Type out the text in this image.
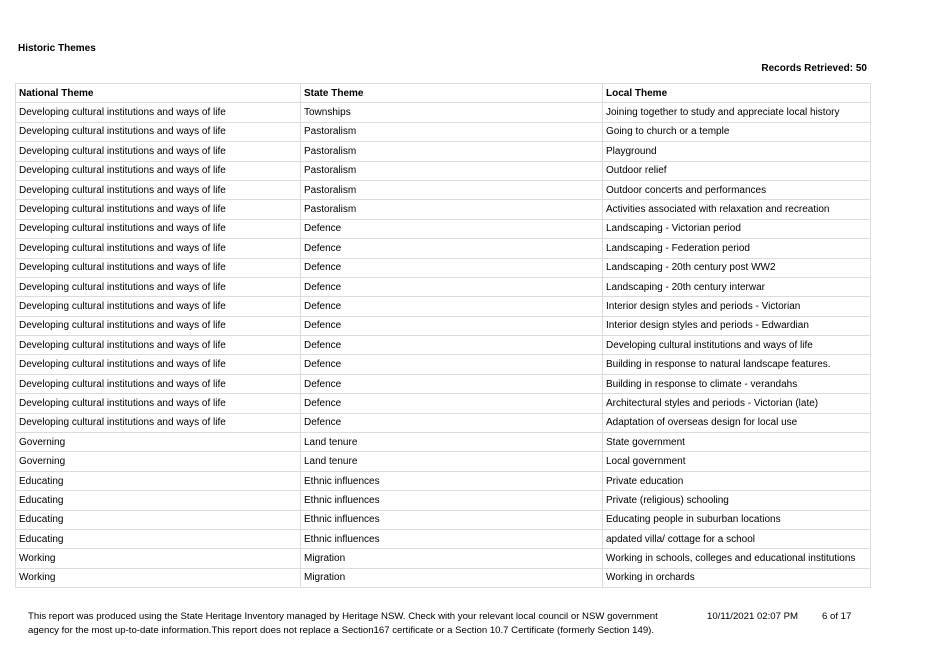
Historic Themes
Records Retrieved: 50
National Theme	State Theme	Local Theme
Developing cultural institutions and ways of life	Townships	Joining together to study and appreciate local history
Developing cultural institutions and ways of life	Pastoralism	Going to church or a temple
Developing cultural institutions and ways of life	Pastoralism	Playground
Developing cultural institutions and ways of life	Pastoralism	Outdoor relief
Developing cultural institutions and ways of life	Pastoralism	Outdoor concerts and performances
Developing cultural institutions and ways of life	Pastoralism	Activities associated with relaxation and recreation
Developing cultural institutions and ways of life	Defence	Landscaping - Victorian period
Developing cultural institutions and ways of life	Defence	Landscaping - Federation period
Developing cultural institutions and ways of life	Defence	Landscaping - 20th century post WW2
Developing cultural institutions and ways of life	Defence	Landscaping - 20th century interwar
Developing cultural institutions and ways of life	Defence	Interior design styles and periods - Victorian
Developing cultural institutions and ways of life	Defence	Interior design styles and periods - Edwardian
Developing cultural institutions and ways of life	Defence	Developing cultural institutions and ways of life
Developing cultural institutions and ways of life	Defence	Building in response to natural landscape features.
Developing cultural institutions and ways of life	Defence	Building in response to climate - verandahs
Developing cultural institutions and ways of life	Defence	Architectural styles and periods - Victorian (late)
Developing cultural institutions and ways of life	Defence	Adaptation of overseas design for local use
Governing	Land tenure	State government
Governing	Land tenure	Local government
Educating	Ethnic influences	Private education
Educating	Ethnic influences	Private (religious) schooling
Educating	Ethnic influences	Educating people in suburban locations
Educating	Ethnic influences	apdated villa/ cottage for a school
Working	Migration	Working in schools, colleges and educational institutions
Working	Migration	Working in orchards
This report was produced using the State Heritage Inventory managed by Heritage NSW. Check with your relevant local council or NSW government agency for the most up-to-date information.This report does not replace a Section167 certificate or a Section 10.7 Certificate (formerly Section 149).
10/11/2021 02:07 PM 6 of 17
